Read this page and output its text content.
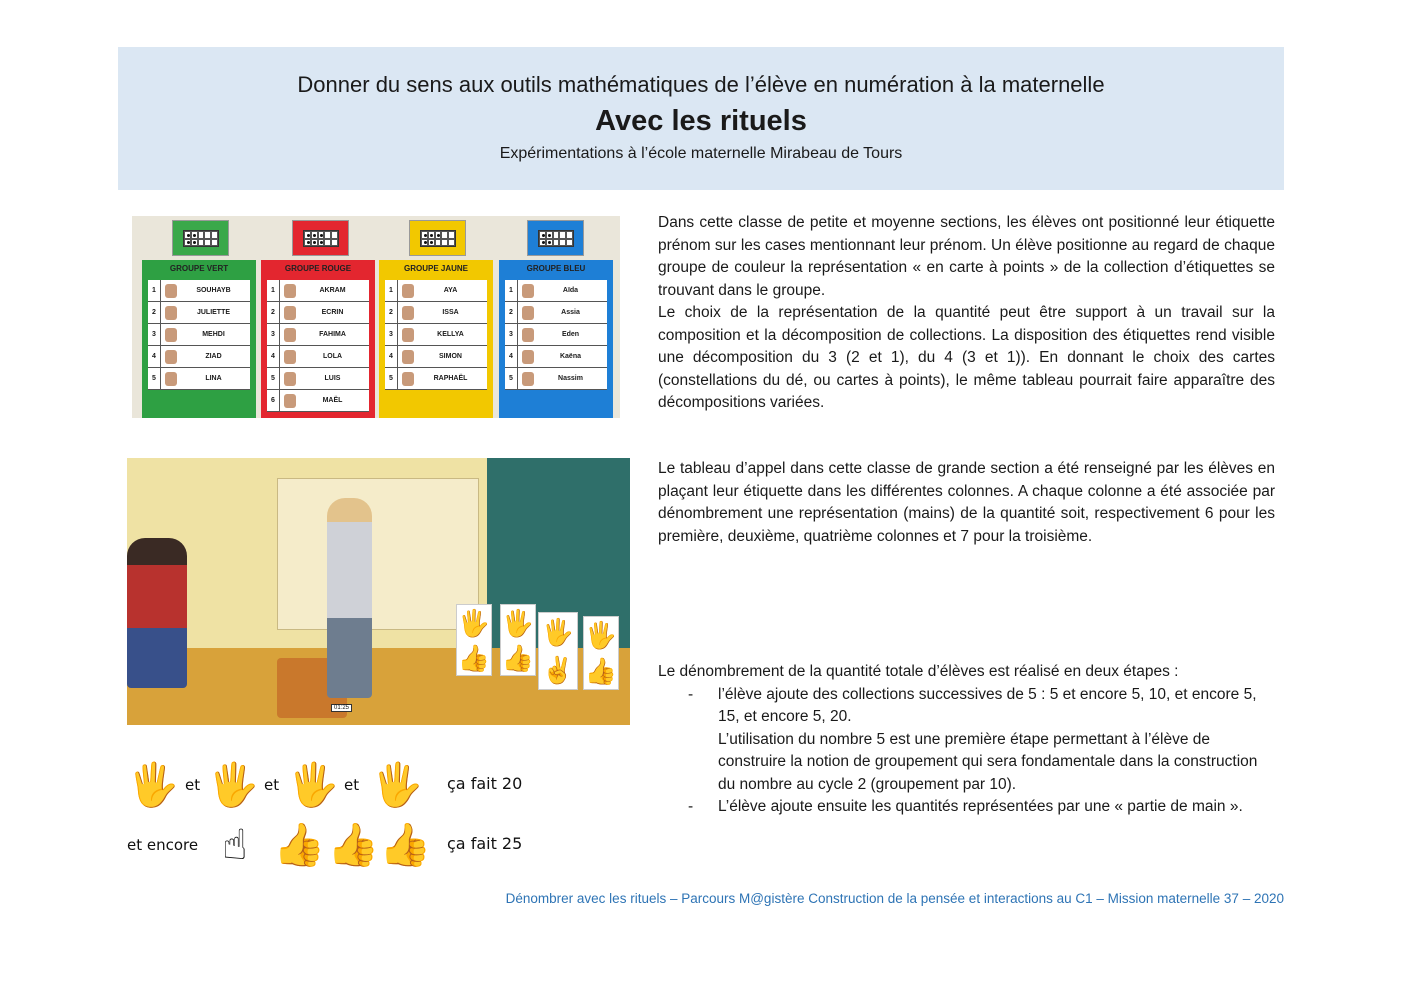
Donner du sens aux outils mathématiques de l’élève en numération à la maternelle
Avec les rituels
Expérimentations à l’école maternelle Mirabeau de Tours
GROUPE VERT
1	SOUHAYB
2	JULIETTE
3	MEHDI
4	ZIAD
5	LINA
GROUPE ROUGE
1	AKRAM
2	ECRIN
3	FAHIMA
4	LOLA
5	LUIS
6	MAËL
GROUPE JAUNE
1	AYA
2	ISSA
3	KELLYA
4	SIMON
5	RAPHAËL
GROUPE BLEU
1	Aïda
2	Assia
3	Eden
4	Kaëna
5	Nassim

Dans cette classe de petite et moyenne sections, les élèves ont positionné leur étiquette prénom sur les cases mentionnant leur prénom. Un élève positionne au regard de chaque groupe de couleur la représentation « en carte à points » de la collection d’étiquettes se trouvant dans le groupe.

Le choix de la représentation de la quantité peut être support à un travail sur la composition et la décomposition de collections. La disposition des étiquettes rend visible une décomposition du 3 (2 et 1), du 4 (3 et 1)). En donnant le choix des cartes (constellations du dé, ou cartes à points), le même tableau pourrait faire apparaître des décompositions variées.

01:25
🖐
👍
🖐
👍
🖐
✌
🖐
👍

Le tableau d’appel dans cette classe de grande section a été renseigné par les élèves en plaçant leur étiquette dans les différentes colonnes. A chaque colonne a été associée par dénombrement une représentation (mains) de la quantité soit, respectivement 6 pour les première, deuxième, quatrième colonnes et 7 pour la troisième.

🖐 et 🖐 et 🖐 et 🖐 ça fait 20
et encore ☝ 👍 👍 👍 ça fait 25

Le dénombrement de la quantité totale d’élèves est réalisé en deux étapes :

- l’élève ajoute des collections successives de 5 : 5 et encore 5, 10, et encore 5, 15, et encore 5, 20.
L’utilisation du nombre 5 est une première étape permettant à l’élève de construire la notion de groupement qui sera fondamentale dans la construction du nombre au cycle 2 (groupement par 10).
- L’élève ajoute ensuite les quantités représentées par une « partie de main ».
Dénombrer avec les rituels – Parcours M@gistère Construction de la pensée et interactions au C1 – Mission maternelle 37 – 2020
